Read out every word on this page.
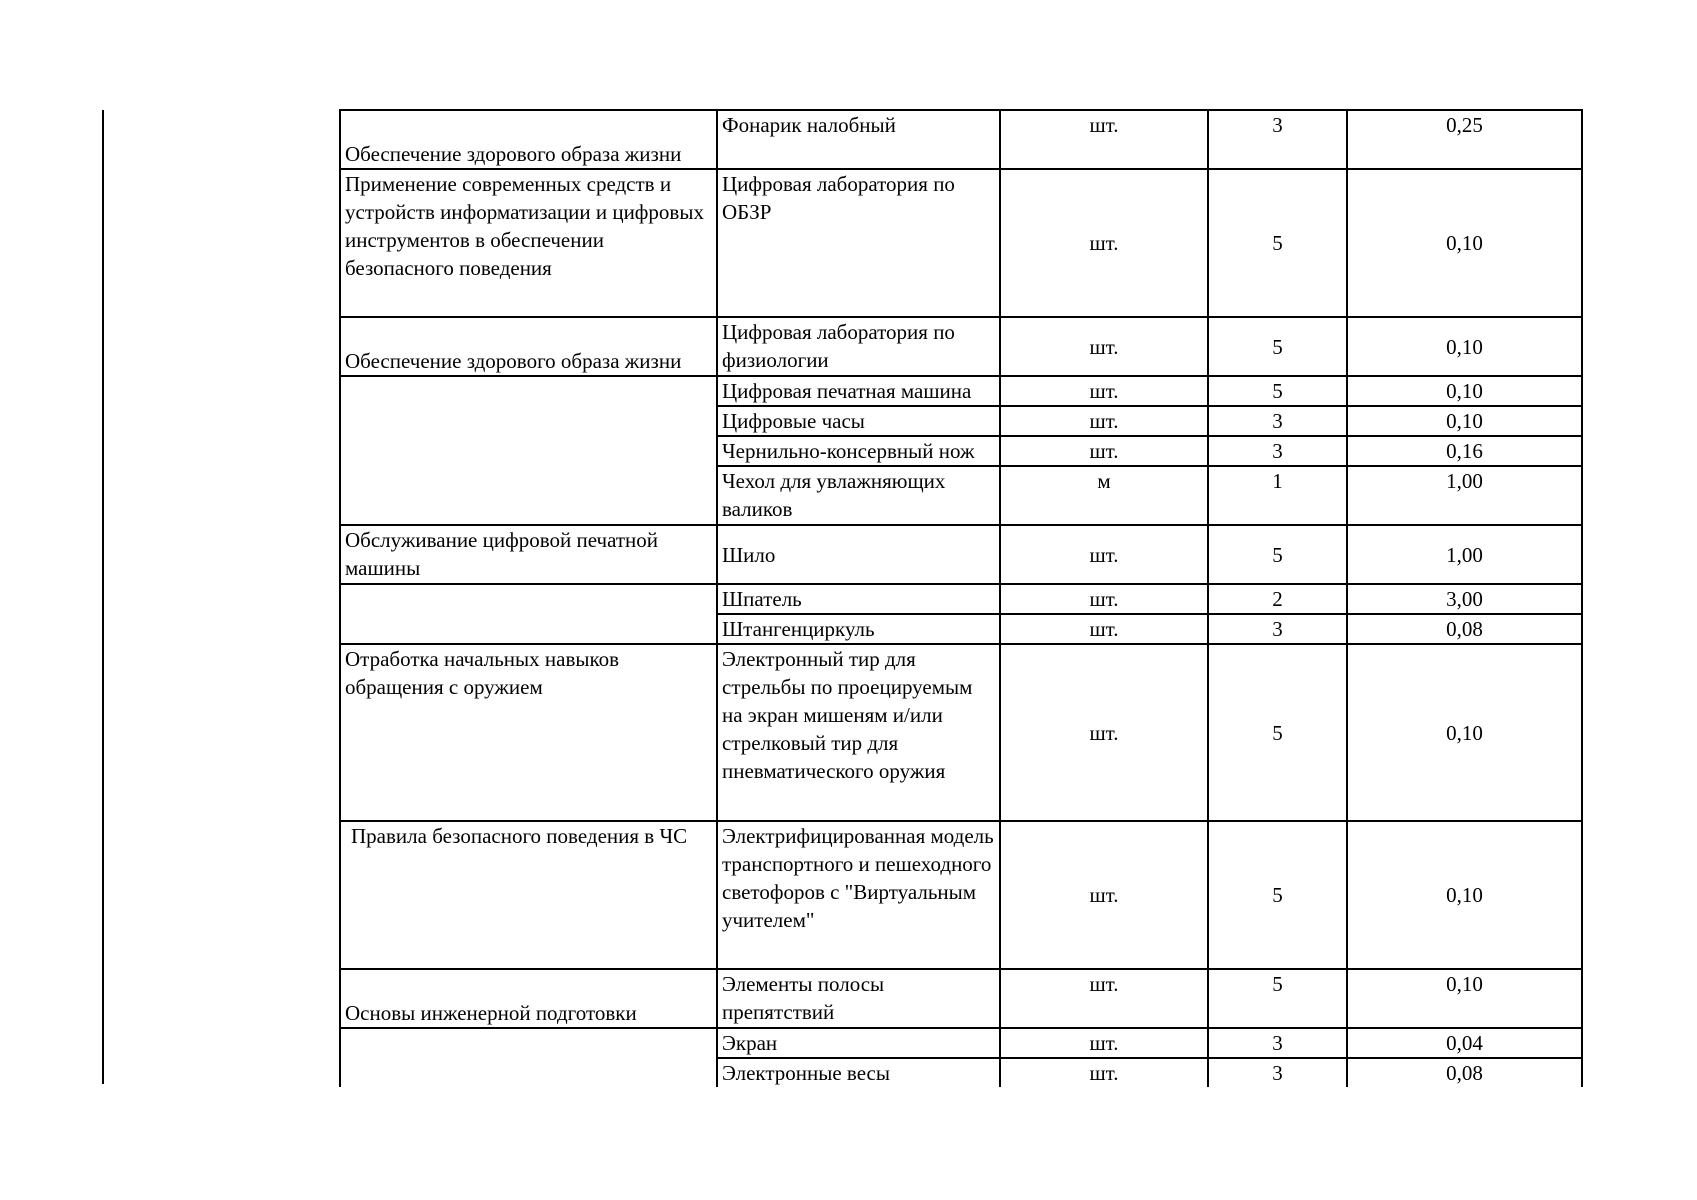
Обеспечение здорового образа жизни	Фонарик налобный	шт.	3	0,25
Применение современных средств и устройств информатизации и цифровых инструментов в обеспечении безопасного поведения	Цифровая лаборатория по ОБЗР	шт.	5	0,10
Обеспечение здорового образа жизни	Цифровая лаборатория по физиологии	шт.	5	0,10
	Цифровая печатная машина	шт.	5	0,10
	Цифровые часы	шт.	3	0,10
	Чернильно-консервный нож	шт.	3	0,16
	Чехол для увлажняющих валиков	м	1	1,00
Обслуживание цифровой печатной машины	Шило	шт.	5	1,00
	Шпатель	шт.	2	3,00
	Штангенциркуль	шт.	3	0,08
Отработка начальных навыков обращения с оружием	Электронный тир для стрельбы по проецируемым на экран мишеням и/или стрелковый тир для пневматического оружия	шт.	5	0,10
Правила безопасного поведения в ЧС	Электрифицированная модель транспортного и пешеходного светофоров с "Виртуальным учителем"	шт.	5	0,10
Основы инженерной подготовки	Элементы полосы препятствий	шт.	5	0,10
	Экран	шт.	3	0,04
	Электронные весы	шт.	3	0,08
